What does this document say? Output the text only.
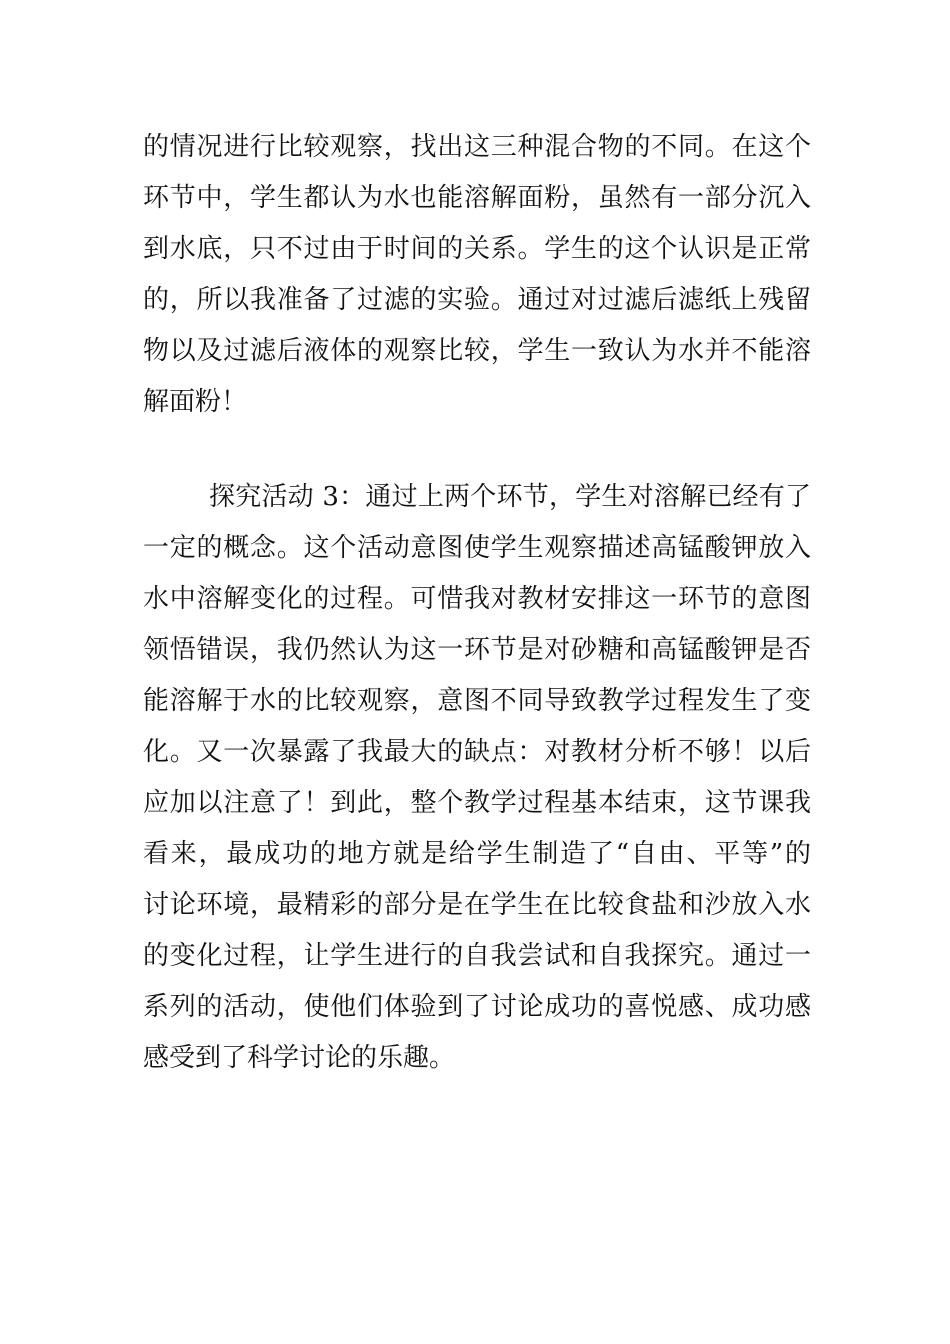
的情况进行比较观察，找出这三种混合物的不同。在这个
环节中，学生都认为水也能溶解面粉，虽然有一部分沉入
到水底，只不过由于时间的关系。学生的这个认识是正常
的，所以我准备了过滤的实验。通过对过滤后滤纸上残留
物以及过滤后液体的观察比较，学生一致认为水并不能溶
解面粉！
探究活动 3：通过上两个环节，学生对溶解已经有了
一定的概念。这个活动意图使学生观察描述高锰酸钾放入
水中溶解变化的过程。可惜我对教材安排这一环节的意图
领悟错误，我仍然认为这一环节是对砂糖和高锰酸钾是否
能溶解于水的比较观察，意图不同导致教学过程发生了变
化。又一次暴露了我最大的缺点：对教材分析不够！以后
应加以注意了！到此，整个教学过程基本结束，这节课我
看来，最成功的地方就是给学生制造了“自由、平等”的
讨论环境，最精彩的部分是在学生在比较食盐和沙放入水
的变化过程，让学生进行的自我尝试和自我探究。通过一
系列的活动，使他们体验到了讨论成功的喜悦感、成功感
感受到了科学讨论的乐趣。
